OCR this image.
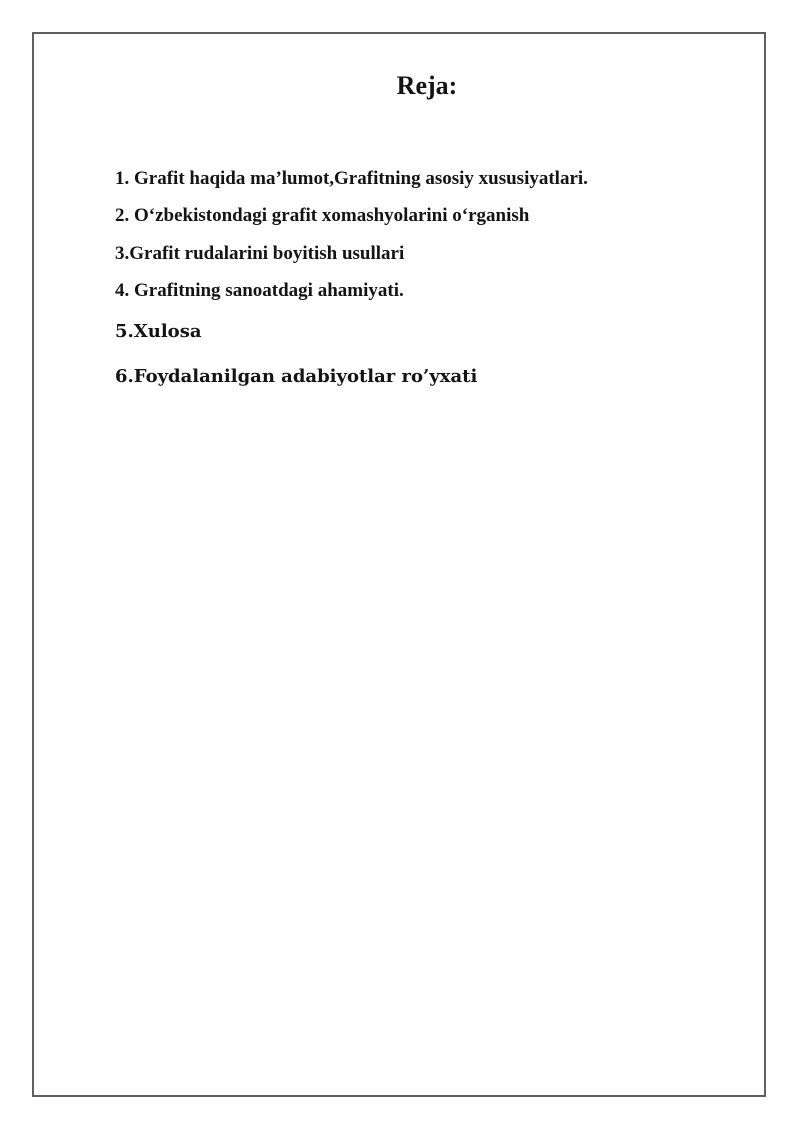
Reja:

1. Grafit haqida ma’lumot,Grafitning asosiy xususiyatlari.

2. O‘zbekistondagi grafit xomashyolarini o‘rganish

3.Grafit rudalarini boyitish usullari

4. Grafitning sanoatdagi ahamiyati.

5.Xulosa

6.Foydalanilgan adabiyotlar ro’yxati
